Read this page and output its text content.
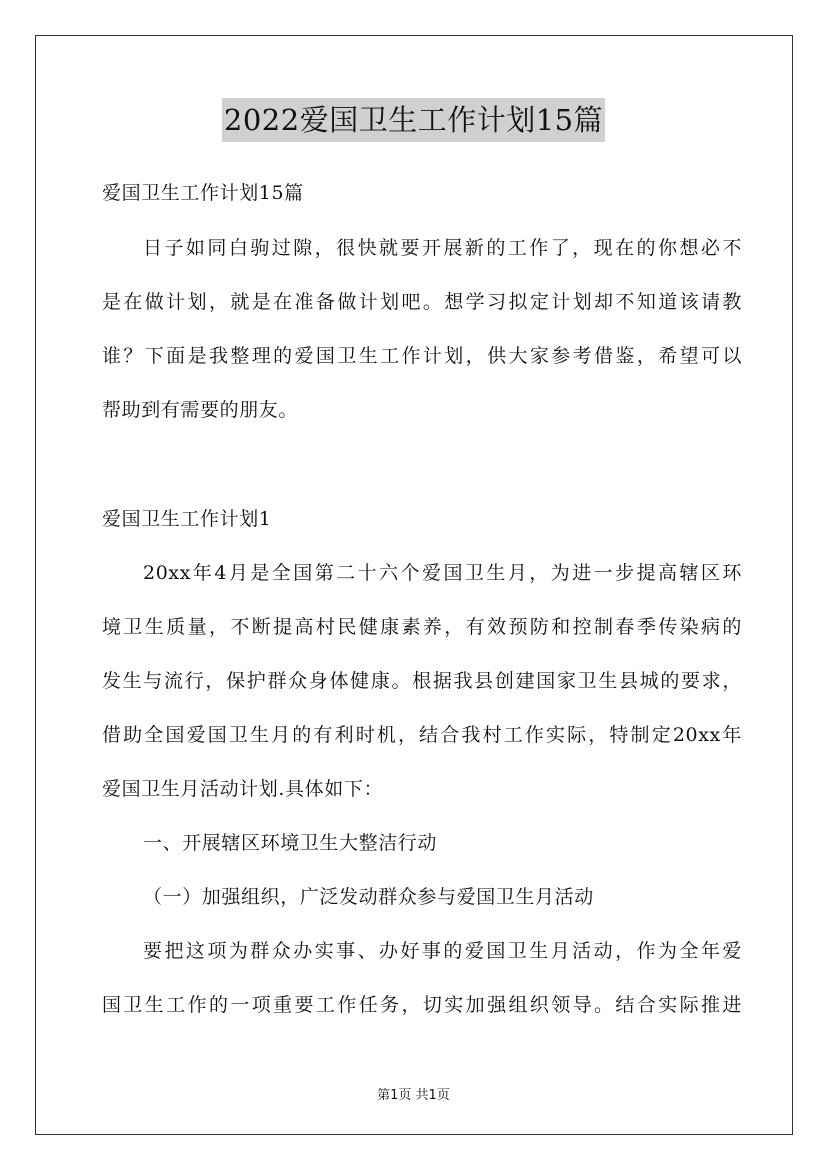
2022爱国卫生工作计划15篇
爱国卫生工作计划15篇
日子如同白驹过隙，很快就要开展新的工作了，现在的你想必不
是在做计划，就是在准备做计划吧。想学习拟定计划却不知道该请教
谁？下面是我整理的爱国卫生工作计划，供大家参考借鉴，希望可以
帮助到有需要的朋友。
爱国卫生工作计划1
20xx年4月是全国第二十六个爱国卫生月，为进一步提高辖区环
境卫生质量，不断提高村民健康素养，有效预防和控制春季传染病的
发生与流行，保护群众身体健康。根据我县创建国家卫生县城的要求，
借助全国爱国卫生月的有利时机，结合我村工作实际，特制定20xx年
爱国卫生月活动计划.具体如下：
一、开展辖区环境卫生大整洁行动
（一）加强组织，广泛发动群众参与爱国卫生月活动
要把这项为群众办实事、办好事的爱国卫生月活动，作为全年爱
国卫生工作的一项重要工作任务，切实加强组织领导。结合实际推进
第1页 共1页
